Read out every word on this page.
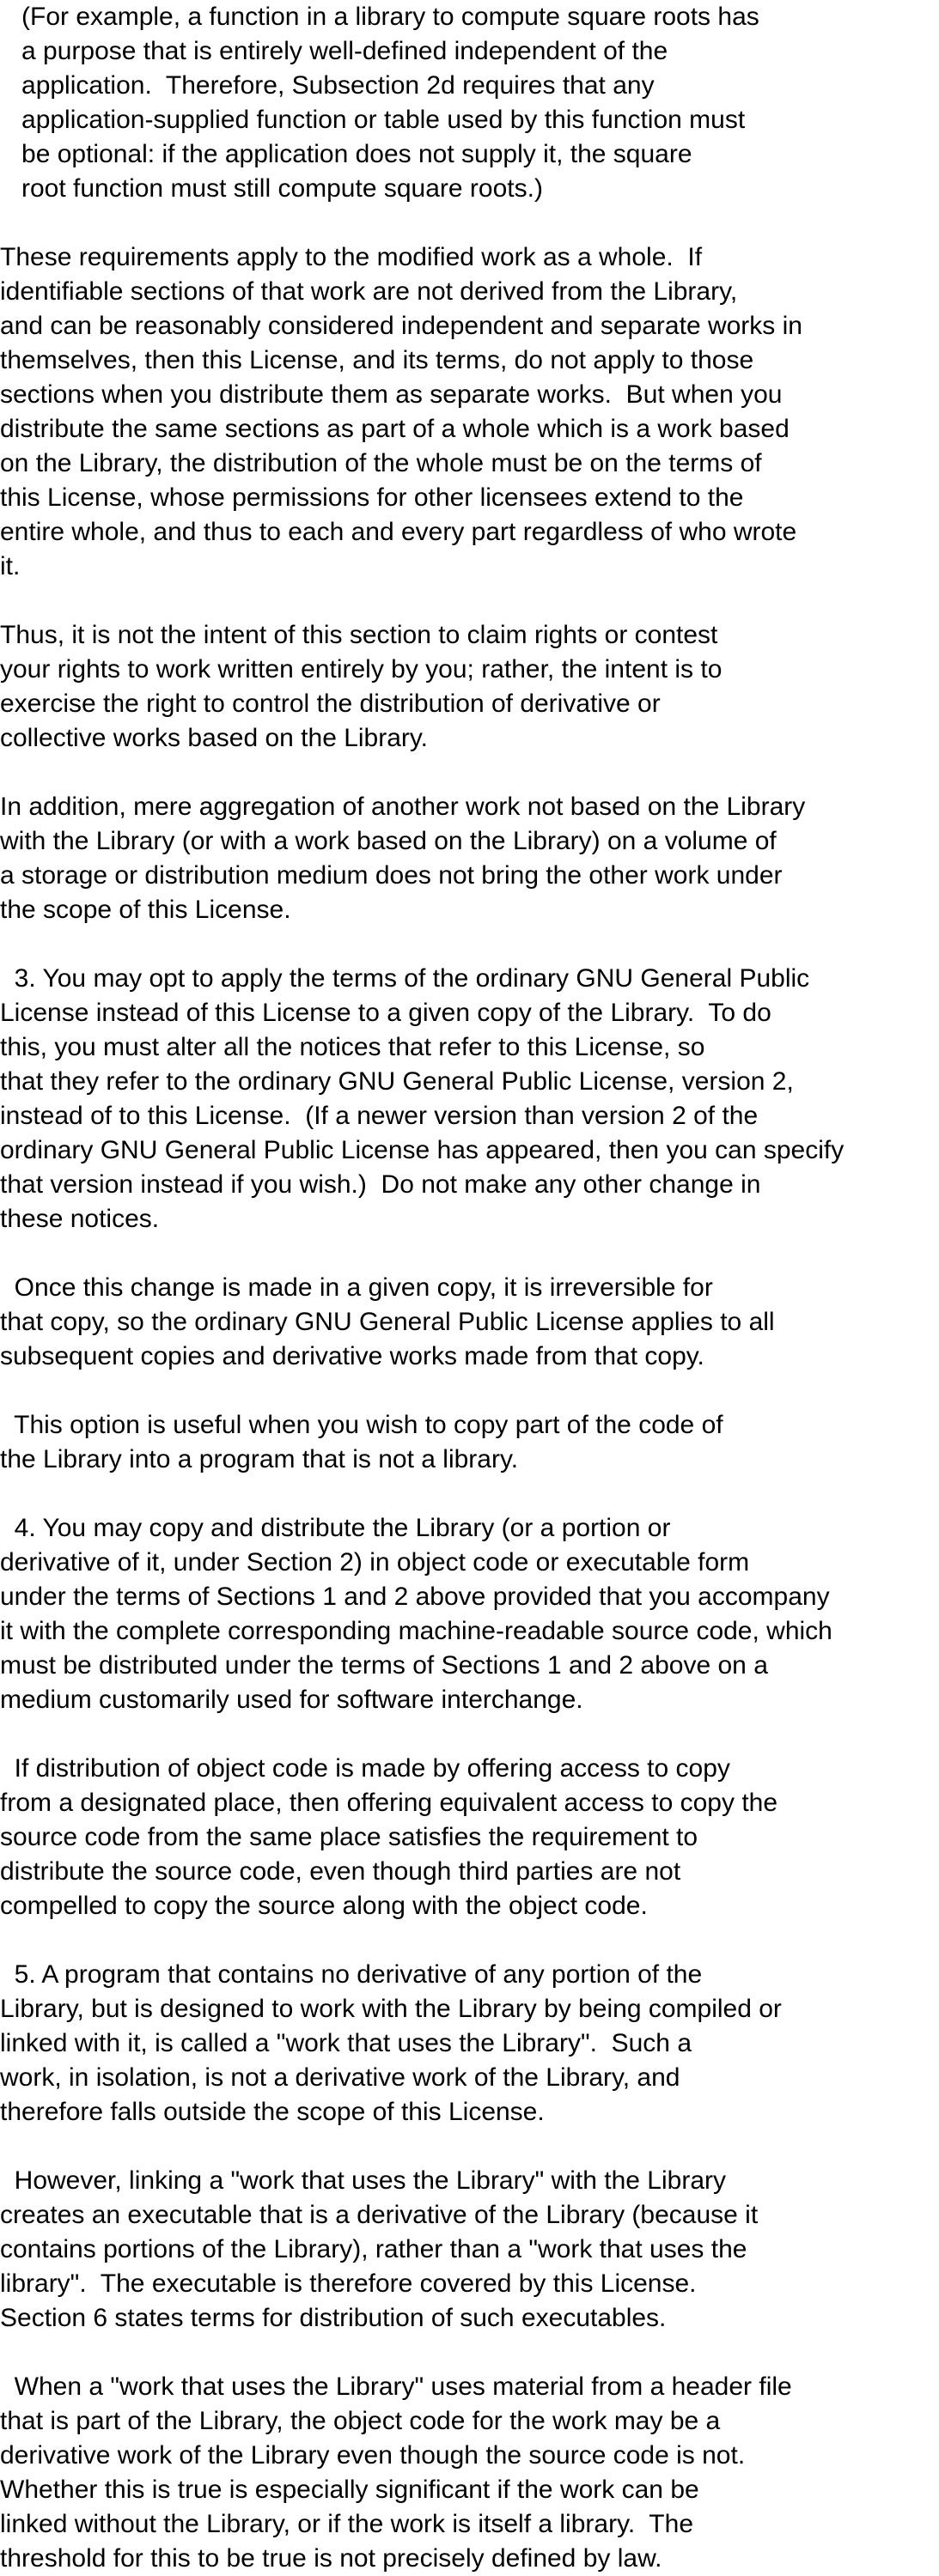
(For example, a function in a library to compute square roots has
a purpose that is entirely well-defined independent of the
application.  Therefore, Subsection 2d requires that any
application-supplied function or table used by this function must
be optional: if the application does not supply it, the square
root function must still compute square roots.)
These requirements apply to the modified work as a whole.  If
identifiable sections of that work are not derived from the Library,
and can be reasonably considered independent and separate works in
themselves, then this License, and its terms, do not apply to those
sections when you distribute them as separate works.  But when you
distribute the same sections as part of a whole which is a work based
on the Library, the distribution of the whole must be on the terms of
this License, whose permissions for other licensees extend to the
entire whole, and thus to each and every part regardless of who wrote
it.
Thus, it is not the intent of this section to claim rights or contest
your rights to work written entirely by you; rather, the intent is to
exercise the right to control the distribution of derivative or
collective works based on the Library.
In addition, mere aggregation of another work not based on the Library
with the Library (or with a work based on the Library) on a volume of
a storage or distribution medium does not bring the other work under
the scope of this License.
3. You may opt to apply the terms of the ordinary GNU General Public
License instead of this License to a given copy of the Library.  To do
this, you must alter all the notices that refer to this License, so
that they refer to the ordinary GNU General Public License, version 2,
instead of to this License.  (If a newer version than version 2 of the
ordinary GNU General Public License has appeared, then you can specify
that version instead if you wish.)  Do not make any other change in
these notices.
Once this change is made in a given copy, it is irreversible for
that copy, so the ordinary GNU General Public License applies to all
subsequent copies and derivative works made from that copy.
This option is useful when you wish to copy part of the code of
the Library into a program that is not a library.
4. You may copy and distribute the Library (or a portion or
derivative of it, under Section 2) in object code or executable form
under the terms of Sections 1 and 2 above provided that you accompany
it with the complete corresponding machine-readable source code, which
must be distributed under the terms of Sections 1 and 2 above on a
medium customarily used for software interchange.
If distribution of object code is made by offering access to copy
from a designated place, then offering equivalent access to copy the
source code from the same place satisfies the requirement to
distribute the source code, even though third parties are not
compelled to copy the source along with the object code.
5. A program that contains no derivative of any portion of the
Library, but is designed to work with the Library by being compiled or
linked with it, is called a "work that uses the Library".  Such a
work, in isolation, is not a derivative work of the Library, and
therefore falls outside the scope of this License.
However, linking a "work that uses the Library" with the Library
creates an executable that is a derivative of the Library (because it
contains portions of the Library), rather than a "work that uses the
library".  The executable is therefore covered by this License.
Section 6 states terms for distribution of such executables.
When a "work that uses the Library" uses material from a header file
that is part of the Library, the object code for the work may be a
derivative work of the Library even though the source code is not.
Whether this is true is especially significant if the work can be
linked without the Library, or if the work is itself a library.  The
threshold for this to be true is not precisely defined by law.
